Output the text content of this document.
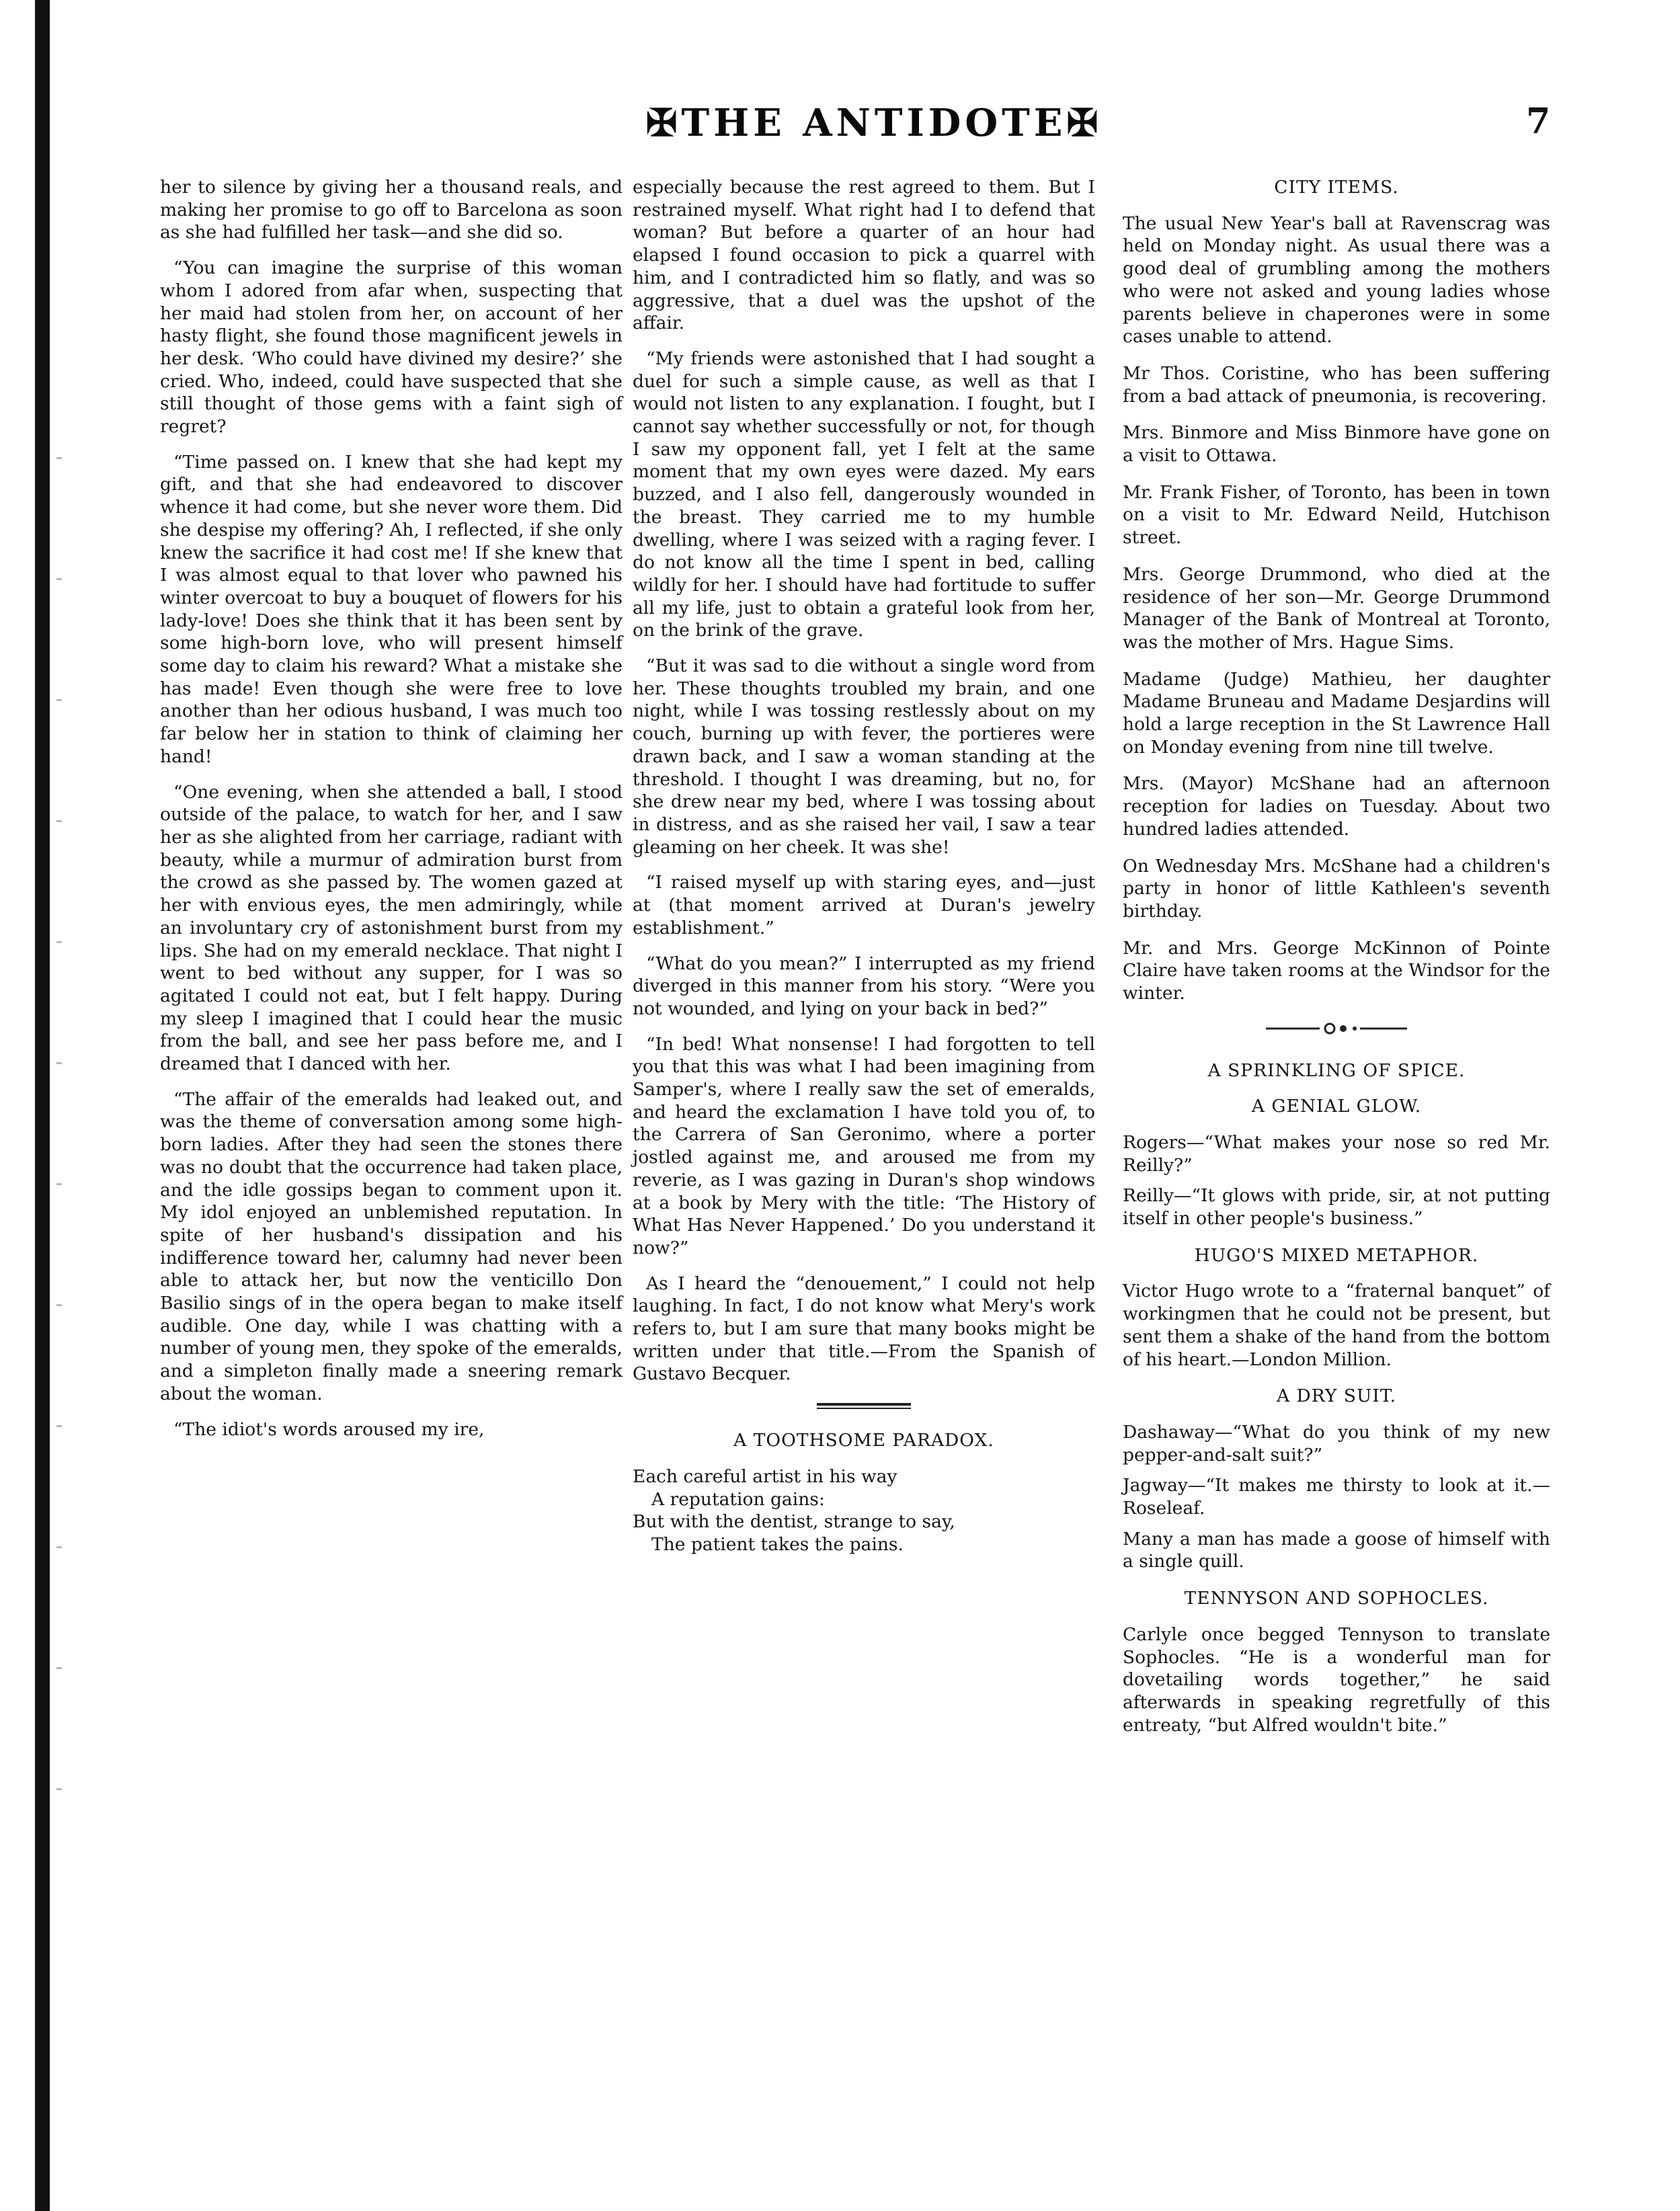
✠THE ANTIDOTE✠	7

her to silence by giving her a thousand reals, and making her promise to go off to Barcelona as soon as she had fulfilled her task—and she did so.

“You can imagine the surprise of this woman whom I adored from afar when, suspecting that her maid had stolen from her, on account of her hasty flight, she found those magnificent jewels in her desk. ‘Who could have divined my desire?’ she cried. Who, indeed, could have suspected that she still thought of those gems with a faint sigh of regret?

“Time passed on. I knew that she had kept my gift, and that she had endeavored to discover whence it had come, but she never wore them. Did she despise my offering? Ah, I reflected, if she only knew the sacrifice it had cost me! If she knew that I was almost equal to that lover who pawned his winter overcoat to buy a bouquet of flowers for his lady-love! Does she think that it has been sent by some high-born love, who will present himself some day to claim his reward? What a mistake she has made! Even though she were free to love another than her odious husband, I was much too far below her in station to think of claiming her hand!

“One evening, when she attended a ball, I stood outside of the palace, to watch for her, and I saw her as she alighted from her carriage, radiant with beauty, while a murmur of admiration burst from the crowd as she passed by. The women gazed at her with envious eyes, the men admiringly, while an involuntary cry of astonishment burst from my lips. She had on my emerald necklace. That night I went to bed without any supper, for I was so agitated I could not eat, but I felt happy. During my sleep I imagined that I could hear the music from the ball, and see her pass before me, and I dreamed that I danced with her.

“The affair of the emeralds had leaked out, and was the theme of conversation among some high-born ladies. After they had seen the stones there was no doubt that the occurrence had taken place, and the idle gossips began to comment upon it. My idol enjoyed an unblemished reputation. In spite of her husband's dissipation and his indifference toward her, calumny had never been able to attack her, but now the venticillo Don Basilio sings of in the opera began to make itself audible. One day, while I was chatting with a number of young men, they spoke of the emeralds, and a simpleton finally made a sneering remark about the woman.

“The idiot's words aroused my ire,

especially because the rest agreed to them. But I restrained myself. What right had I to defend that woman? But before a quarter of an hour had elapsed I found occasion to pick a quarrel with him, and I contradicted him so flatly, and was so aggressive, that a duel was the upshot of the affair.

“My friends were astonished that I had sought a duel for such a simple cause, as well as that I would not listen to any explanation. I fought, but I cannot say whether successfully or not, for though I saw my opponent fall, yet I felt at the same moment that my own eyes were dazed. My ears buzzed, and I also fell, dangerously wounded in the breast. They carried me to my humble dwelling, where I was seized with a raging fever. I do not know all the time I spent in bed, calling wildly for her. I should have had fortitude to suffer all my life, just to obtain a grateful look from her, on the brink of the grave.

“But it was sad to die without a single word from her. These thoughts troubled my brain, and one night, while I was tossing restlessly about on my couch, burning up with fever, the portieres were drawn back, and I saw a woman standing at the threshold. I thought I was dreaming, but no, for she drew near my bed, where I was tossing about in distress, and as she raised her vail, I saw a tear gleaming on her cheek. It was she!

“I raised myself up with staring eyes, and—just at (that moment arrived at Duran's jewelry establishment.”

“What do you mean?” I interrupted as my friend diverged in this manner from his story. “Were you not wounded, and lying on your back in bed?”

“In bed! What nonsense! I had forgotten to tell you that this was what I had been imagining from Samper's, where I really saw the set of emeralds, and heard the exclamation I have told you of, to the Carrera of San Geronimo, where a porter jostled against me, and aroused me from my reverie, as I was gazing in Duran's shop windows at a book by Mery with the title: ‘The History of What Has Never Happened.’ Do you understand it now?”

As I heard the “denouement,” I could not help laughing. In fact, I do not know what Mery's work refers to, but I am sure that many books might be written under that title.—From the Spanish of Gustavo Becquer.

A TOOTHSOME PARADOX.
Each careful artist in his way
A reputation gains:
But with the dentist, strange to say,
The patient takes the pains.
CITY ITEMS.

The usual New Year's ball at Ravenscrag was held on Monday night. As usual there was a good deal of grumbling among the mothers who were not asked and young ladies whose parents believe in chaperones were in some cases unable to attend.

Mr Thos. Coristine, who has been suffering from a bad attack of pneumonia, is recovering.

Mrs. Binmore and Miss Binmore have gone on a visit to Ottawa.

Mr. Frank Fisher, of Toronto, has been in town on a visit to Mr. Edward Neild, Hutchison street.

Mrs. George Drummond, who died at the residence of her son—Mr. George Drummond Manager of the Bank of Montreal at Toronto, was the mother of Mrs. Hague Sims.

Madame (Judge) Mathieu, her daughter Madame Bruneau and Madame Desjardins will hold a large reception in the St Lawrence Hall on Monday evening from nine till twelve.

Mrs. (Mayor) McShane had an afternoon reception for ladies on Tuesday. About two hundred ladies attended.

On Wednesday Mrs. McShane had a children's party in honor of little Kathleen's seventh birthday.

Mr. and Mrs. George McKinnon of Pointe Claire have taken rooms at the Windsor for the winter.

A SPRINKLING OF SPICE.
A GENIAL GLOW.

Rogers—“What makes your nose so red Mr. Reilly?”

Reilly—“It glows with pride, sir, at not putting itself in other people's business.”

HUGO'S MIXED METAPHOR.

Victor Hugo wrote to a “fraternal banquet” of workingmen that he could not be present, but sent them a shake of the hand from the bottom of his heart.—London Million.

A DRY SUIT.

Dashaway—“What do you think of my new pepper-and-salt suit?”

Jagway—“It makes me thirsty to look at it.—Roseleaf.

Many a man has made a goose of himself with a single quill.

TENNYSON AND SOPHOCLES.

Carlyle once begged Tennyson to translate Sophocles. “He is a wonderful man for dovetailing words together,” he said afterwards in speaking regretfully of this entreaty, “but Alfred wouldn't bite.”
